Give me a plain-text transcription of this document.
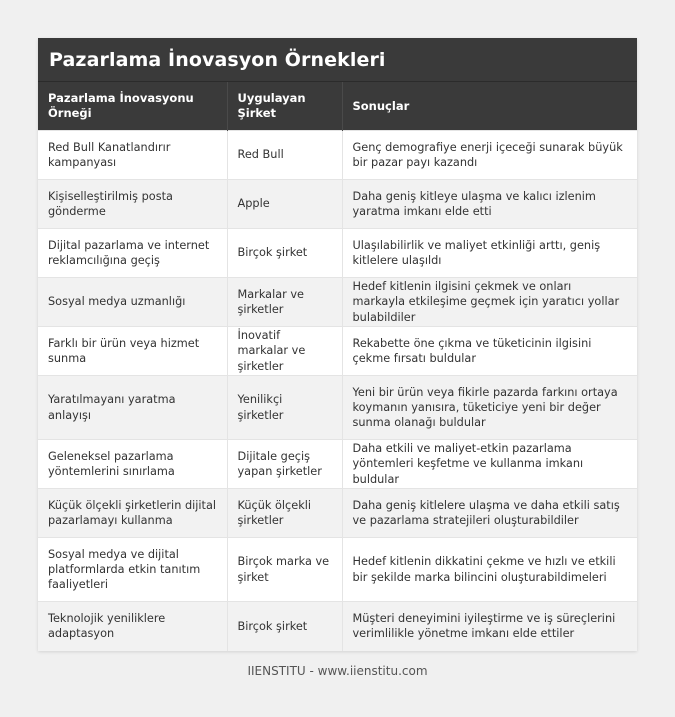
Pazarlama İnovasyon Örnekleri
Pazarlama İnovasyonu Örneği	Uygulayan Şirket	Sonuçlar
Red Bull Kanatlandırır kampanyası	Red Bull	Genç demografiye enerji içeceği sunarak büyük bir pazar payı kazandı
Kişiselleştirilmiş posta gönderme	Apple	Daha geniş kitleye ulaşma ve kalıcı izlenim yaratma imkanı elde etti
Dijital pazarlama ve internet reklamcılığına geçiş	Birçok şirket	Ulaşılabilirlik ve maliyet etkinliği arttı, geniş kitlelere ulaşıldı
Sosyal medya uzmanlığı	Markalar ve şirketler	Hedef kitlenin ilgisini çekmek ve onları markayla etkileşime geçmek için yaratıcı yollar bulabildiler
Farklı bir ürün veya hizmet sunma	İnovatif markalar ve şirketler	Rekabette öne çıkma ve tüketicinin ilgisini çekme fırsatı buldular
Yaratılmayanı yaratma anlayışı	Yenilikçi şirketler	Yeni bir ürün veya fikirle pazarda farkını ortaya koymanın yanısıra, tüketiciye yeni bir değer sunma olanağı buldular
Geleneksel pazarlama yöntemlerini sınırlama	Dijitale geçiş yapan şirketler	Daha etkili ve maliyet-etkin pazarlama yöntemleri keşfetme ve kullanma imkanı buldular
Küçük ölçekli şirketlerin dijital pazarlamayı kullanma	Küçük ölçekli şirketler	Daha geniş kitlelere ulaşma ve daha etkili satış ve pazarlama stratejileri oluşturabildiler
Sosyal medya ve dijital platformlarda etkin tanıtım faaliyetleri	Birçok marka ve şirket	Hedef kitlenin dikkatini çekme ve hızlı ve etkili bir şekilde marka bilincini oluşturabildimeleri
Teknolojik yeniliklere adaptasyon	Birçok şirket	Müşteri deneyimini iyileştirme ve iş süreçlerini verimlilikle yönetme imkanı elde ettiler
IIENSTITU - www.iienstitu.com
